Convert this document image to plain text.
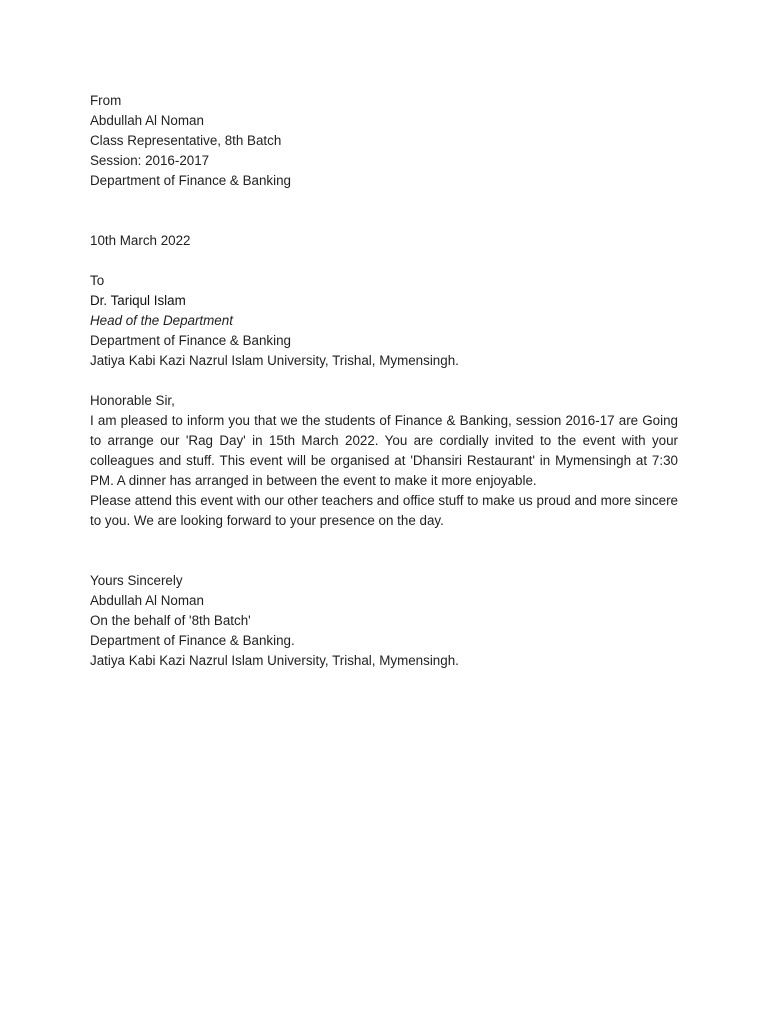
From
Abdullah Al Noman
Class Representative, 8th Batch
Session: 2016-2017
Department of Finance & Banking
10th March 2022
To
Dr. Tariqul Islam
Head of the Department
Department of Finance & Banking
Jatiya Kabi Kazi Nazrul Islam University, Trishal, Mymensingh.
Honorable Sir,
I am pleased to inform you that we the students of Finance & Banking, session 2016-17 are Going to arrange our 'Rag Day' in 15th March 2022. You are cordially invited to the event with your colleagues and stuff. This event will be organised at 'Dhansiri Restaurant' in Mymensingh at 7:30 PM. A dinner has arranged in between the event to make it more enjoyable.
Please attend this event with our other teachers and office stuff to make us proud and more sincere to you. We are looking forward to your presence on the day.
Yours Sincerely
Abdullah Al Noman
On the behalf of '8th Batch'
Department of Finance & Banking.
Jatiya Kabi Kazi Nazrul Islam University, Trishal, Mymensingh.
